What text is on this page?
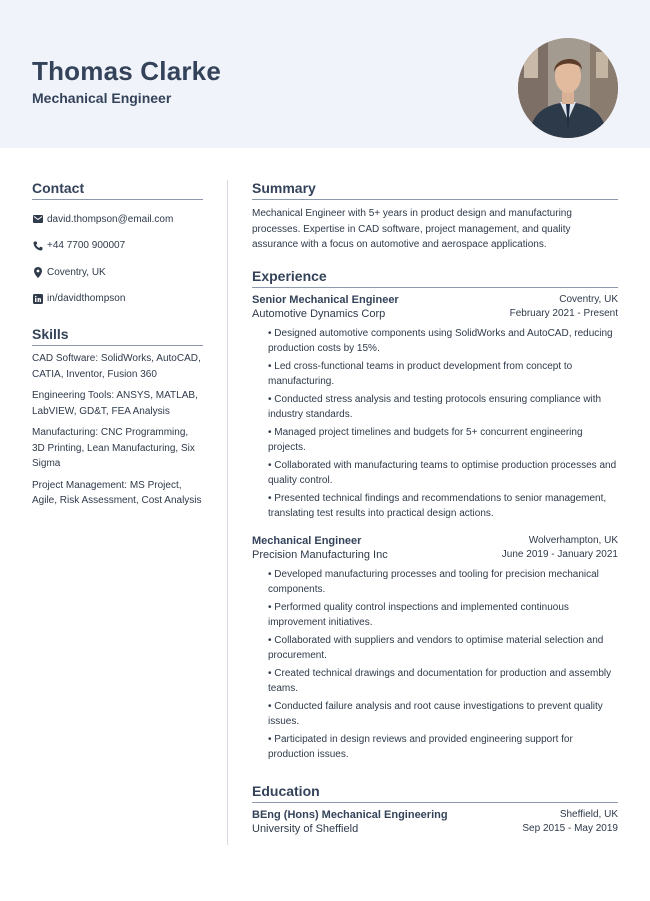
Thomas Clarke
Mechanical Engineer
Contact
david.thompson@email.com
+44 7700 900007
Coventry, UK
in/davidthompson
Skills
CAD Software: SolidWorks, AutoCAD, CATIA, Inventor, Fusion 360
Engineering Tools: ANSYS, MATLAB, LabVIEW, GD&T, FEA Analysis
Manufacturing: CNC Programming, 3D Printing, Lean Manufacturing, Six Sigma
Project Management: MS Project, Agile, Risk Assessment, Cost Analysis
Summary
Mechanical Engineer with 5+ years in product design and manufacturing processes. Expertise in CAD software, project management, and quality assurance with a focus on automotive and aerospace applications.
Experience
Senior Mechanical Engineer	Coventry, UK
Automotive Dynamics Corp	February 2021 - Present
• Designed automotive components using SolidWorks and AutoCAD, reducing production costs by 15%.
• Led cross-functional teams in product development from concept to manufacturing.
• Conducted stress analysis and testing protocols ensuring compliance with industry standards.
• Managed project timelines and budgets for 5+ concurrent engineering projects.
• Collaborated with manufacturing teams to optimise production processes and quality control.
• Presented technical findings and recommendations to senior management, translating test results into practical design actions.
Mechanical Engineer	Wolverhampton, UK
Precision Manufacturing Inc	June 2019 - January 2021
• Developed manufacturing processes and tooling for precision mechanical components.
• Performed quality control inspections and implemented continuous improvement initiatives.
• Collaborated with suppliers and vendors to optimise material selection and procurement.
• Created technical drawings and documentation for production and assembly teams.
• Conducted failure analysis and root cause investigations to prevent quality issues.
• Participated in design reviews and provided engineering support for production issues.
Education
BEng (Hons) Mechanical Engineering	Sheffield, UK
University of Sheffield	Sep 2015 - May 2019
